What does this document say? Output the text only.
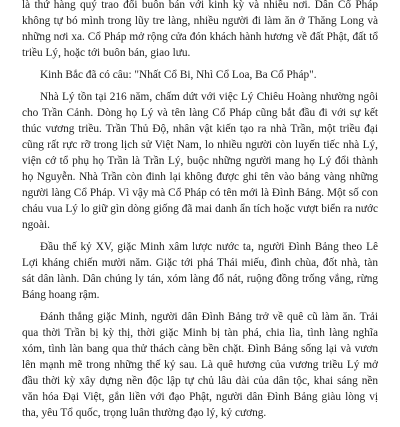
là thứ hàng quý trao đổi buôn bán với kinh kỳ và nhiều nơi. Dân Cổ Pháp không tự bó mình trong lũy tre làng, nhiều người đi làm ăn ở Thăng Long và những nơi xa. Cổ Pháp mở rộng cửa đón khách hành hương về đất Phật, đất tổ triều Lý, hoặc tới buôn bán, giao lưu.

Kinh Bắc đã có câu: "Nhất Cổ Bi, Nhì Cổ Loa, Ba Cổ Pháp".

Nhà Lý tồn tại 216 năm, chấm dứt với việc Lý Chiêu Hoàng nhường ngôi cho Trần Cảnh. Dòng họ Lý và tên làng Cổ Pháp cũng bắt đầu đi với sự kết thúc vương triều. Trần Thủ Độ, nhân vật kiến tạo ra nhà Trần, một triều đại cũng rất rực rỡ trong lịch sử Việt Nam, lo nhiều người còn luyến tiếc nhà Lý, viện cớ tổ phụ họ Trần là Trần Lý, buộc những người mang họ Lý đổi thành họ Nguyễn. Nhà Trần còn đinh lại không được ghi tên vào bảng vàng những người làng Cổ Pháp. Vì vậy mà Cổ Pháp có tên mới là Đình Bảng. Một số con cháu vua Lý lo giữ gìn dòng giống đã mai danh ẩn tích hoặc vượt biển ra nước ngoài.

Đầu thế kỷ XV, giặc Minh xâm lược nước ta, người Đình Bảng theo Lê Lợi kháng chiến mười năm. Giặc tới phá Thái miếu, đình chùa, đốt nhà, tàn sát dân lành. Dân chúng ly tán, xóm làng đổ nát, ruộng đồng trống vắng, rừng Báng hoang rậm.

Đánh thắng giặc Minh, người dân Đình Bảng trở về quê cũ làm ăn. Trải qua thời Trần bị kỳ thị, thời giặc Minh bị tàn phá, chia lìa, tình làng nghĩa xóm, tình làn bang qua thử thách càng bền chặt. Đình Bảng sống lại và vươn lên mạnh mẽ trong những thế kỷ sau. Là quê hương của vương triều Lý mở đầu thời kỳ xây dựng nền độc lập tự chủ lâu dài của dân tộc, khai sáng nền văn hóa Đại Việt, gắn liền với đạo Phật, người dân Đình Bảng giàu lòng vị tha, yêu Tổ quốc, trọng luân thường đạo lý, kỷ cương.
